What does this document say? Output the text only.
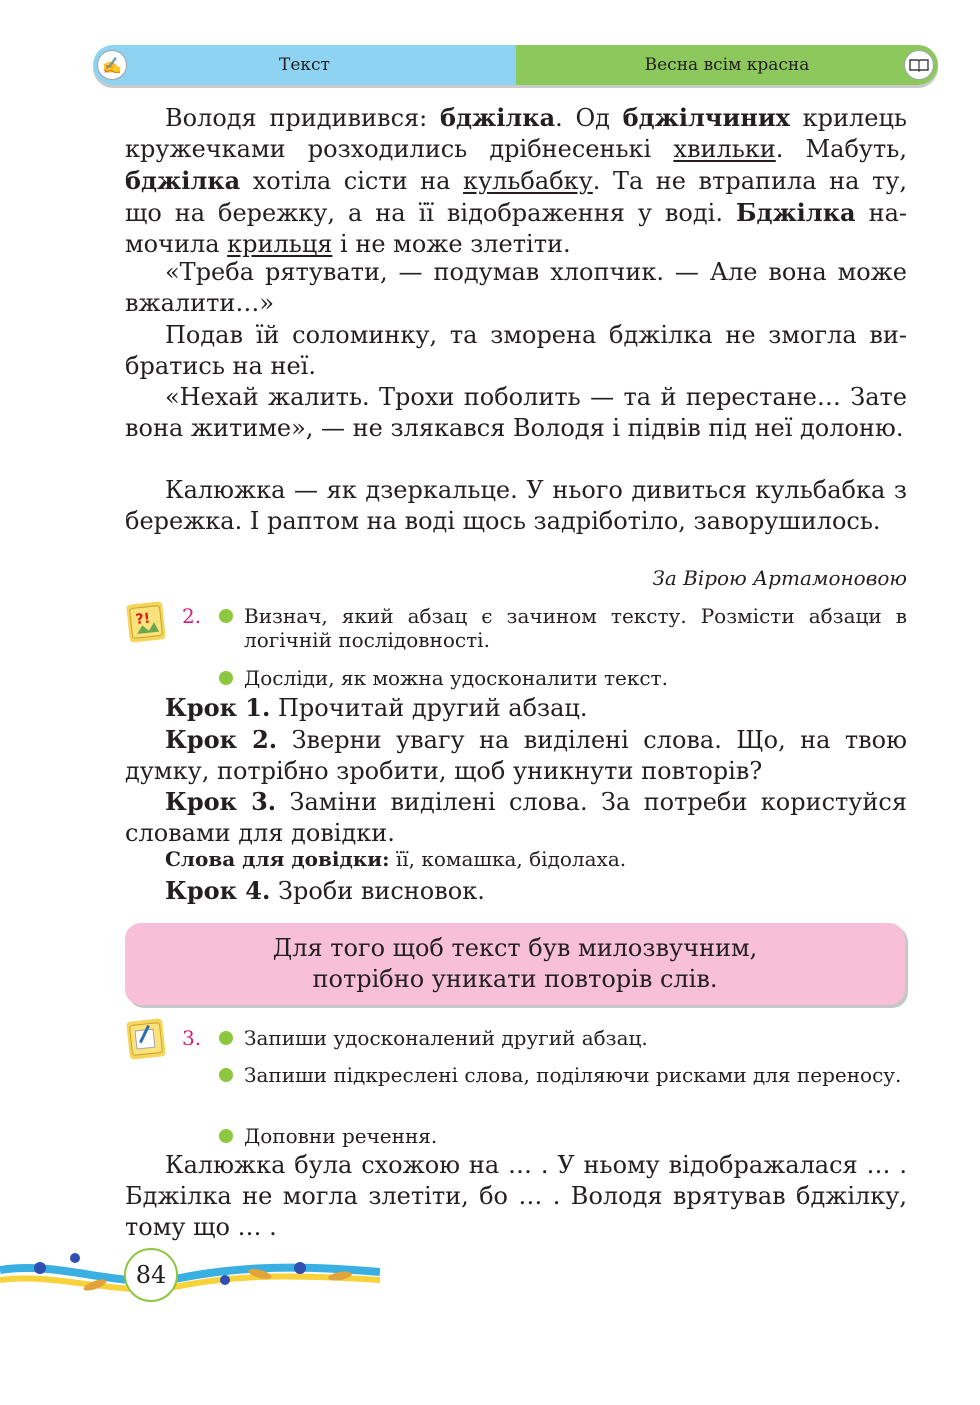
✍	Текст	Весна всім красна

Володя придивився: бджілка. Од бджілчиних крилець кружечками розходились дрібнесенькі хвильки. Мабуть, бджілка хотіла сісти на кульбабку. Та не втрапила на ту, що на бережку, а на її відображення у воді. Бджілка намочила крильця і не може злетіти.

«Треба рятувати, — подумав хлопчик. — Але вона може вжалити…»

Подав їй соломинку, та зморена бджілка не змогла вибратись на неї.

«Нехай жалить. Трохи поболить — та й перестане… Зате вона житиме», — не злякався Володя і підвів під неї долоню.

Калюжка — як дзеркальце. У нього дивиться кульбабка з бережка. І раптом на воді щось задріботіло, заворушилось.

За Вірою Артамоновою
?! 2.	Визнач, який абзац є зачином тексту. Розмісти абзаци в логічній послідовності.
Досліди, як можна удосконалити текст.

Крок 1. Прочитай другий абзац.

Крок 2. Зверни увагу на виділені слова. Що, на твою думку, потрібно зробити, щоб уникнути повторів?

Крок 3. Заміни виділені слова. За потреби користуйся словами для довідки.

Слова для довідки: її, комашка, бідолаха.

Крок 4. Зроби висновок.

Для того щоб текст був милозвучним,
потрібно уникати повторів слів.
3.	Запиши удосконалений другий абзац.
Запиши підкреслені слова, поділяючи рисками для переносу.
Доповни речення.

Калюжка була схожою на … . У ньому відображалася … . Бджілка не могла злетіти, бо … . Володя врятував бджілку, тому що … .

84
